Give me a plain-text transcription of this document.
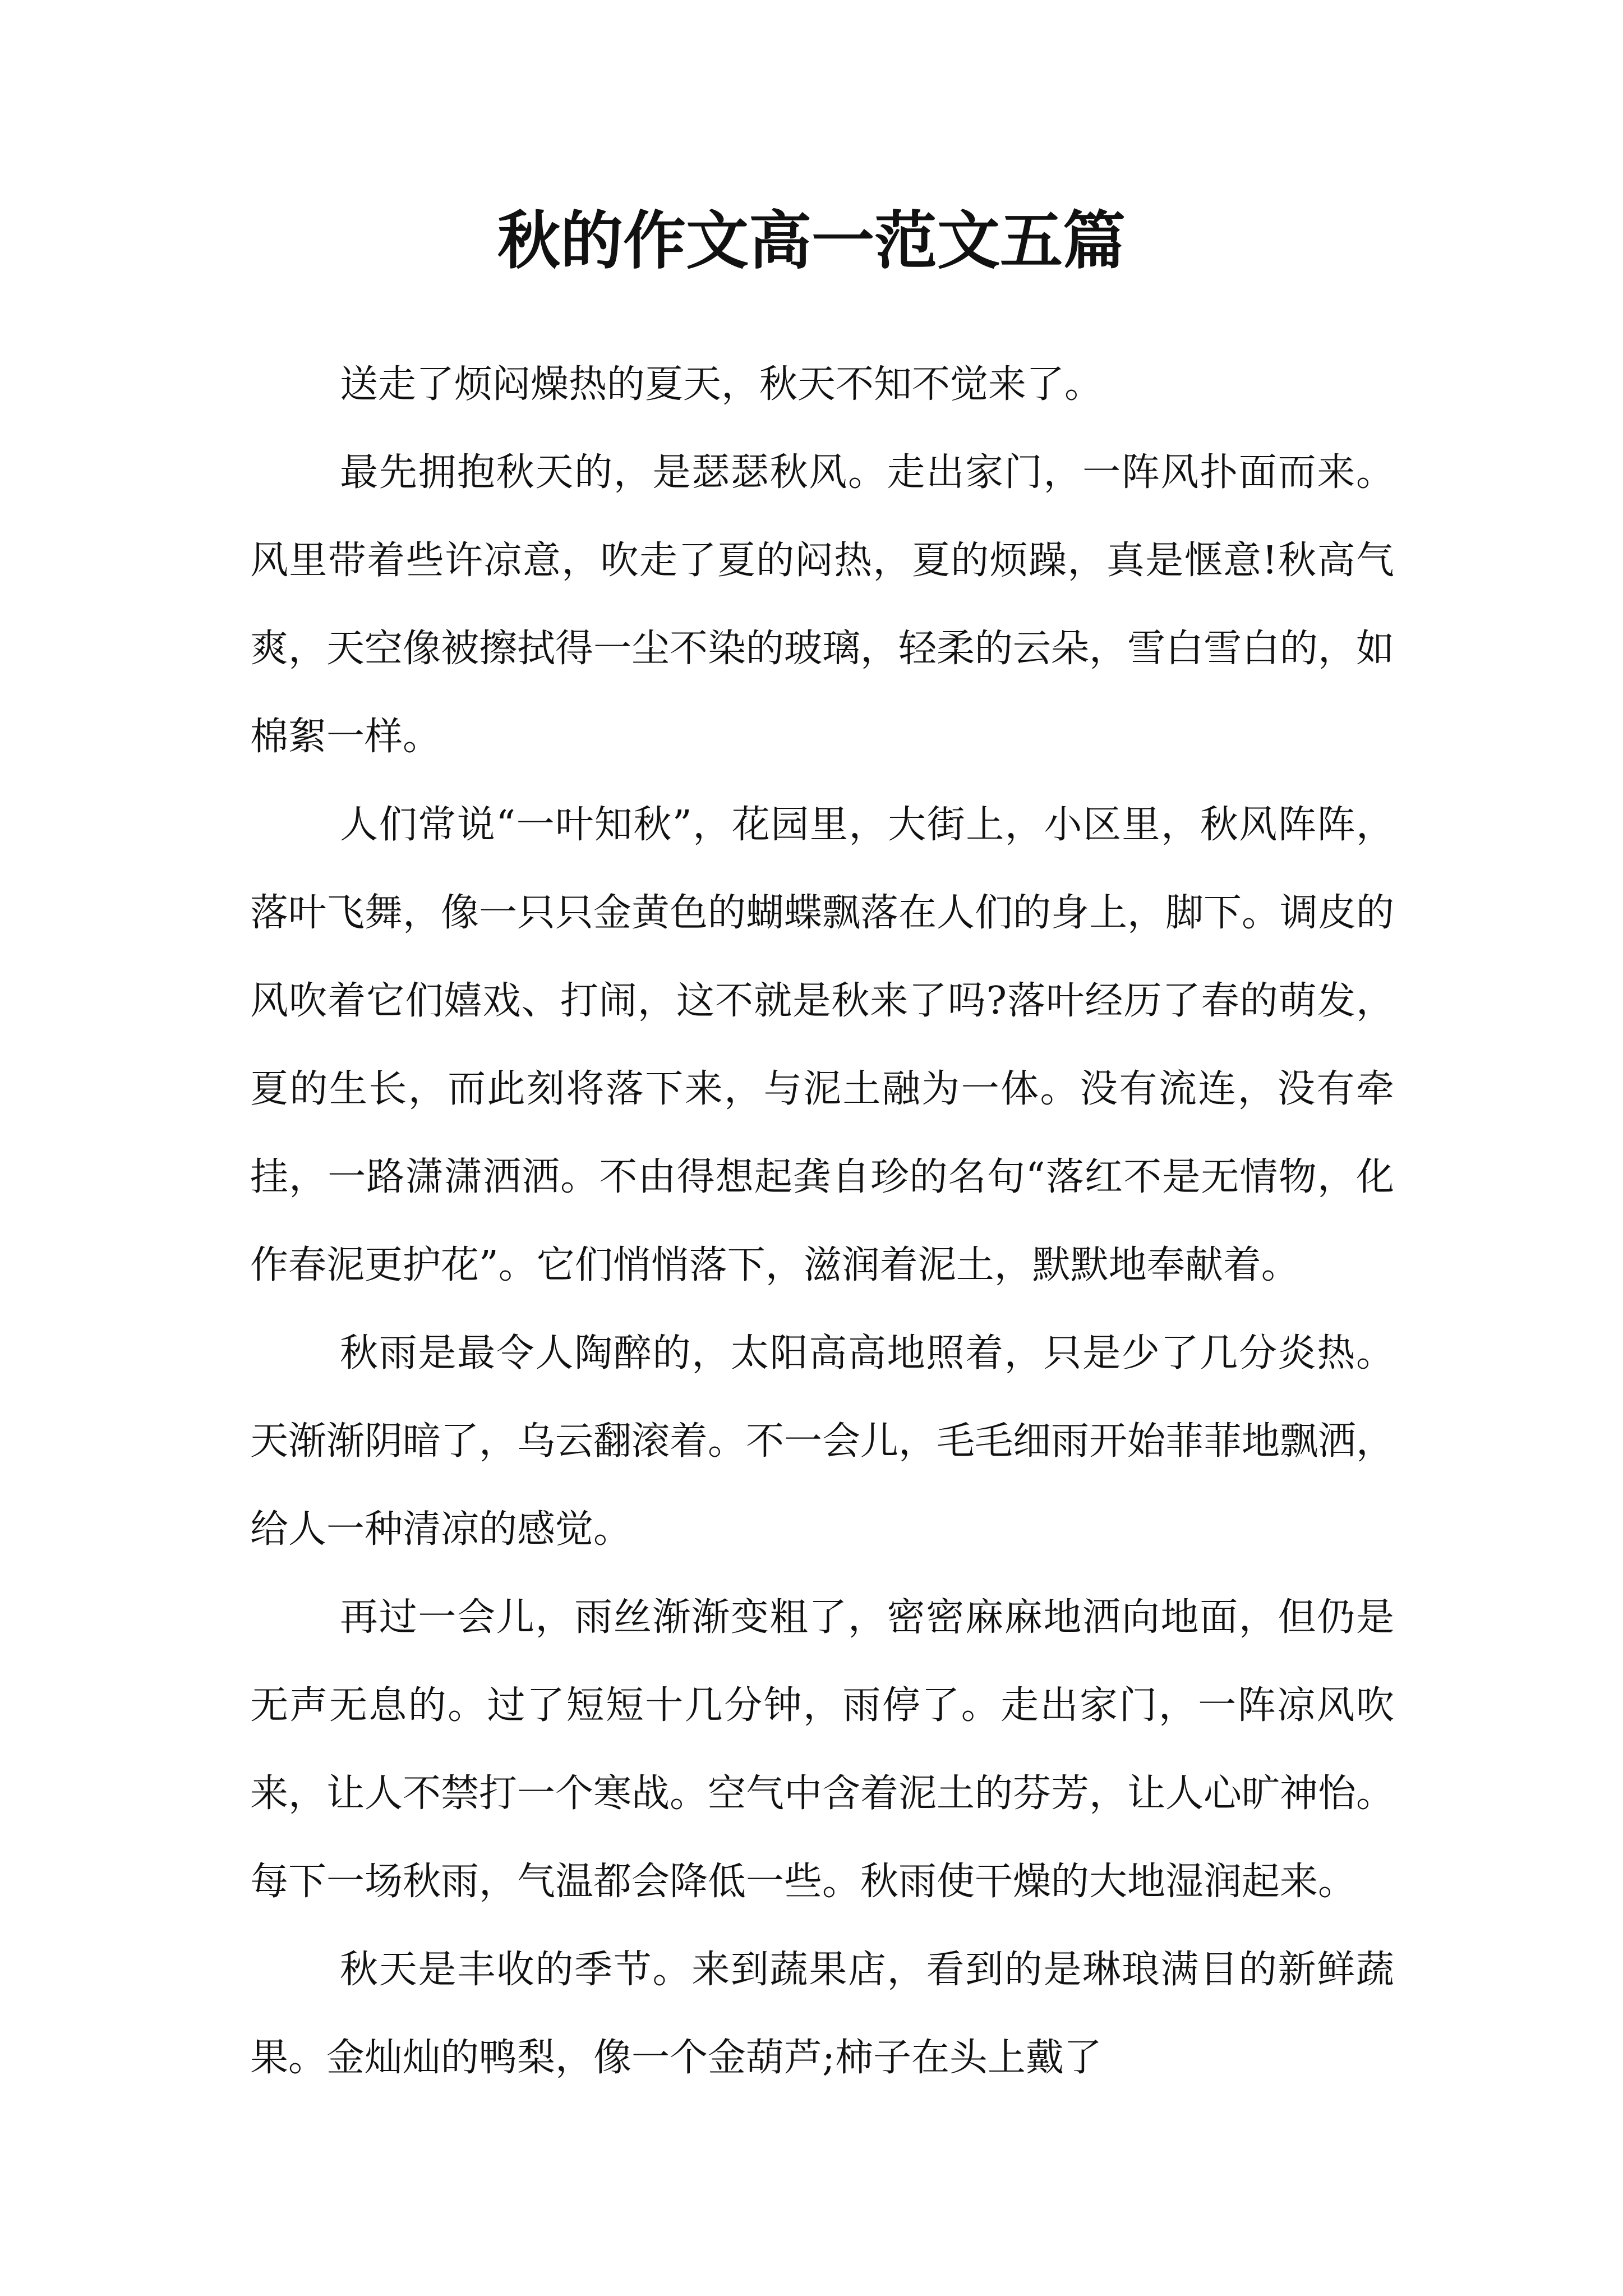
秋的作文高一范文五篇

送走了烦闷燥热的夏天，秋天不知不觉来了。

最先拥抱秋天的，是瑟瑟秋风。走出家门，一阵风扑面而来。风里带着些许凉意，吹走了夏的闷热，夏的烦躁，真是惬意!秋高气爽，天空像被擦拭得一尘不染的玻璃，轻柔的云朵，雪白雪白的，如棉絮一样。

人们常说“一叶知秋”，花园里，大街上，小区里，秋风阵阵，落叶飞舞，像一只只金黄色的蝴蝶飘落在人们的身上，脚下。调皮的风吹着它们嬉戏、打闹，这不就是秋来了吗?落叶经历了春的萌发，夏的生长，而此刻将落下来，与泥土融为一体。没有流连，没有牵挂，一路潇潇洒洒。不由得想起龚自珍的名句“落红不是无情物，化作春泥更护花”。它们悄悄落下，滋润着泥土，默默地奉献着。

秋雨是最令人陶醉的，太阳高高地照着，只是少了几分炎热。天渐渐阴暗了，乌云翻滚着。不一会儿，毛毛细雨开始菲菲地飘洒，给人一种清凉的感觉。

再过一会儿，雨丝渐渐变粗了，密密麻麻地洒向地面，但仍是无声无息的。过了短短十几分钟，雨停了。走出家门，一阵凉风吹来，让人不禁打一个寒战。空气中含着泥土的芬芳，让人心旷神怡。每下一场秋雨，气温都会降低一些。秋雨使干燥的大地湿润起来。

秋天是丰收的季节。来到蔬果店，看到的是琳琅满目的新鲜蔬果。金灿灿的鸭梨，像一个金葫芦;柿子在头上戴了
